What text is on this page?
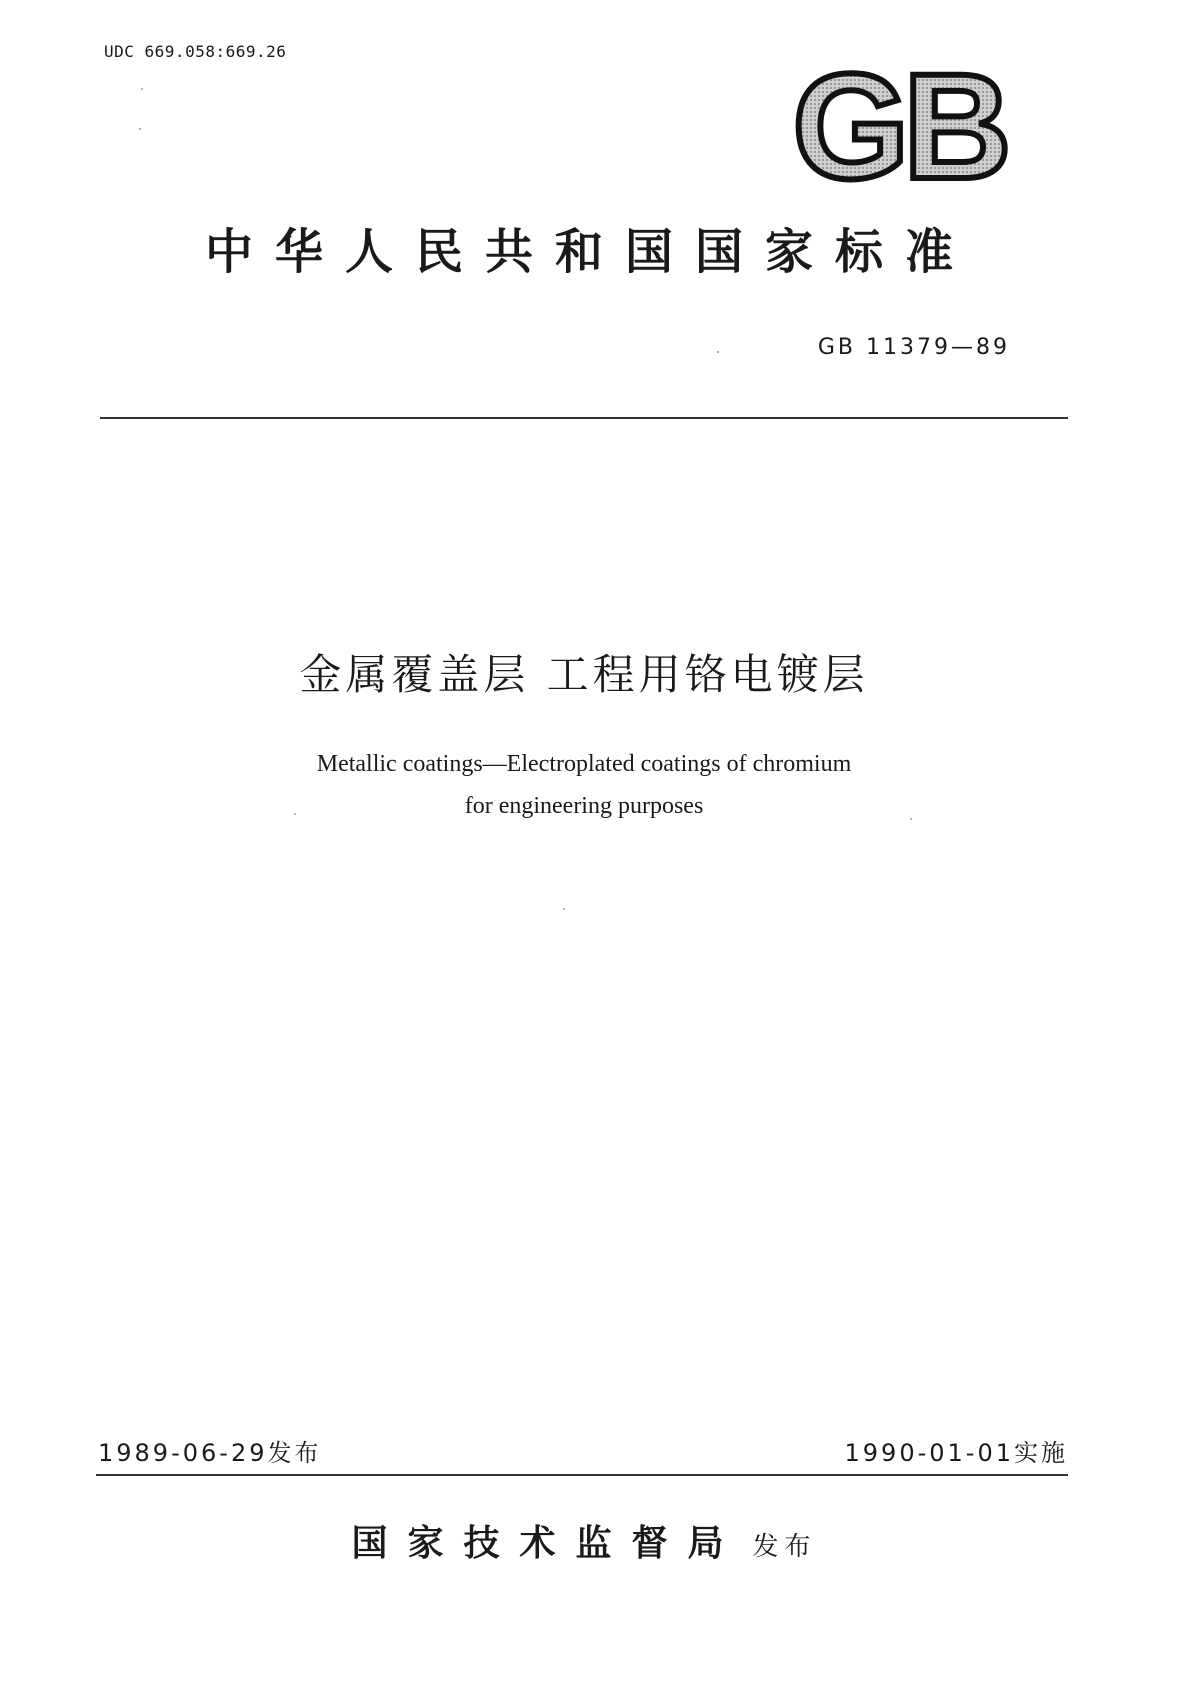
UDC 669.058:669.26	GB
中华人民共和国国家标准
GB 11379—89
金属覆盖层 工程用铬电镀层
Metallic coatings—Electroplated coatings of chromium
for engineering purposes
1989-06-29发布	1990-01-01实施
国家技术监督局 发布
